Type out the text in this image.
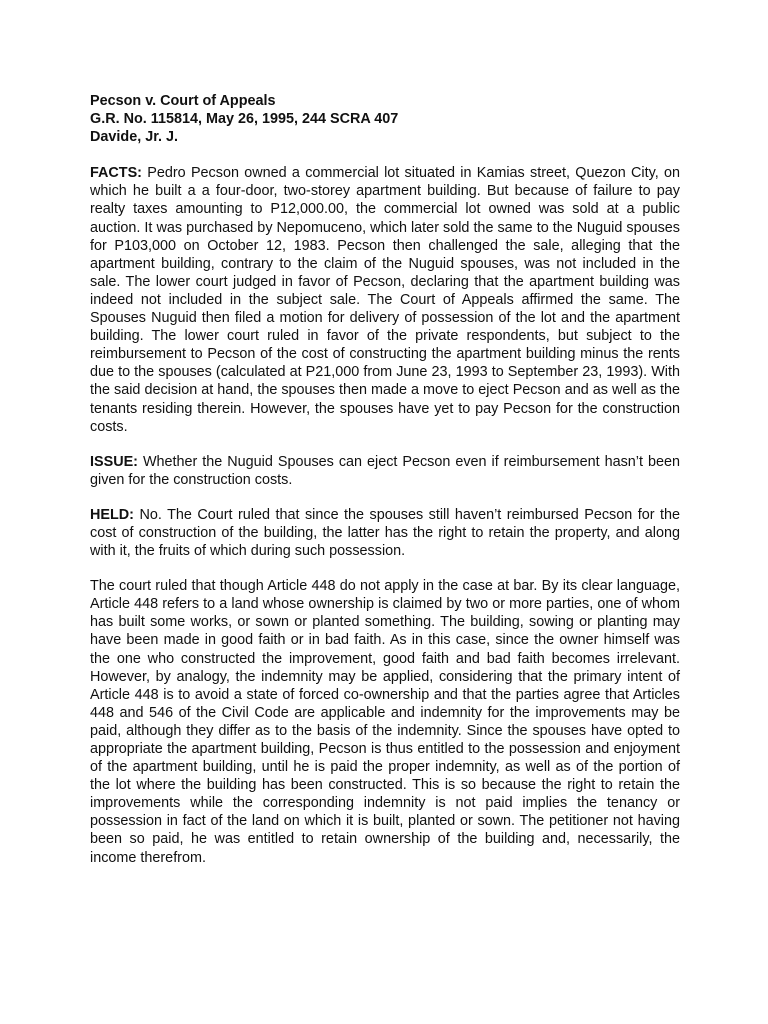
Pecson v. Court of Appeals

G.R. No. 115814, May 26, 1995, 244 SCRA 407

Davide, Jr. J.

FACTS: Pedro Pecson owned a commercial lot situated in Kamias street, Quezon City, on which he built a a four-door, two-storey apartment building. But because of failure to pay realty taxes amounting to P12,000.00, the commercial lot owned was sold at a public auction. It was purchased by Nepomuceno, which later sold the same to the Nuguid spouses for P103,000 on October 12, 1983. Pecson then challenged the sale, alleging that the apartment building, contrary to the claim of the Nuguid spouses, was not included in the sale. The lower court judged in favor of Pecson, declaring that the apartment building was indeed not included in the subject sale. The Court of Appeals affirmed the same. The Spouses Nuguid then filed a motion for delivery of possession of the lot and the apartment building. The lower court ruled in favor of the private respondents, but subject to the reimbursement to Pecson of the cost of constructing the apartment building minus the rents due to the spouses (calculated at P21,000 from June 23, 1993 to September 23, 1993). With the said decision at hand, the spouses then made a move to eject Pecson and as well as the tenants residing therein. However, the spouses have yet to pay Pecson for the construction costs.

ISSUE: Whether the Nuguid Spouses can eject Pecson even if reimbursement hasn’t been given for the construction costs.

HELD: No. The Court ruled that since the spouses still haven’t reimbursed Pecson for the cost of construction of the building, the latter has the right to retain the property, and along with it, the fruits of which during such possession.

The court ruled that though Article 448 do not apply in the case at bar. By its clear language, Article 448 refers to a land whose ownership is claimed by two or more parties, one of whom has built some works, or sown or planted something. The building, sowing or planting may have been made in good faith or in bad faith. As in this case, since the owner himself was the one who constructed the improvement, good faith and bad faith becomes irrelevant. However, by analogy, the indemnity may be applied, considering that the primary intent of Article 448 is to avoid a state of forced co-ownership and that the parties agree that Articles 448 and 546 of the Civil Code are applicable and indemnity for the improvements may be paid, although they differ as to the basis of the indemnity. Since the spouses have opted to appropriate the apartment building, Pecson is thus entitled to the possession and enjoyment of the apartment building, until he is paid the proper indemnity, as well as of the portion of the lot where the building has been constructed. This is so because the right to retain the improvements while the corresponding indemnity is not paid implies the tenancy or possession in fact of the land on which it is built, planted or sown. The petitioner not having been so paid, he was entitled to retain ownership of the building and, necessarily, the income therefrom.
